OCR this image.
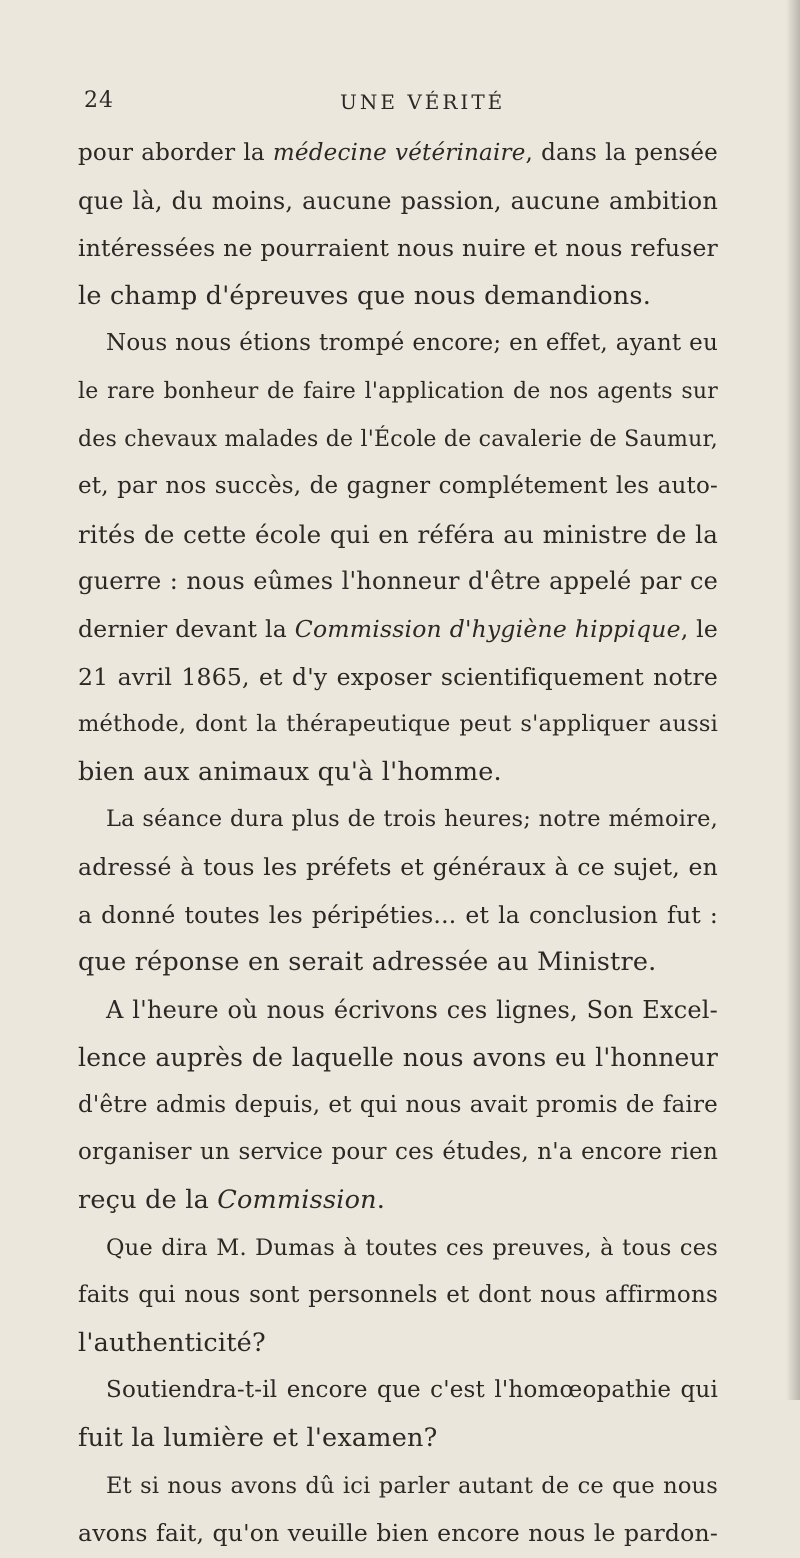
24	UNE VÉRITÉ
pour aborder la médecine vétérinaire, dans la pensée
que là, du moins, aucune passion, aucune ambition
intéressées ne pourraient nous nuire et nous refuser
le champ d'épreuves que nous demandions.
Nous nous étions trompé encore; en effet, ayant eu
le rare bonheur de faire l'application de nos agents sur
des chevaux malades de l'École de cavalerie de Saumur,
et, par nos succès, de gagner complétement les auto-
rités de cette école qui en référa au ministre de la
guerre : nous eûmes l'honneur d'être appelé par ce
dernier devant la Commission d'hygiène hippique, le
21 avril 1865, et d'y exposer scientifiquement notre
méthode, dont la thérapeutique peut s'appliquer aussi
bien aux animaux qu'à l'homme.
La séance dura plus de trois heures; notre mémoire,
adressé à tous les préfets et généraux à ce sujet, en
a donné toutes les péripéties... et la conclusion fut :
que réponse en serait adressée au Ministre.
A l'heure où nous écrivons ces lignes, Son Excel-
lence auprès de laquelle nous avons eu l'honneur
d'être admis depuis, et qui nous avait promis de faire
organiser un service pour ces études, n'a encore rien
reçu de la Commission.
Que dira M. Dumas à toutes ces preuves, à tous ces
faits qui nous sont personnels et dont nous affirmons
l'authenticité?
Soutiendra-t-il encore que c'est l'homœopathie qui
fuit la lumière et l'examen?
Et si nous avons dû ici parler autant de ce que nous
avons fait, qu'on veuille bien encore nous le pardon-
